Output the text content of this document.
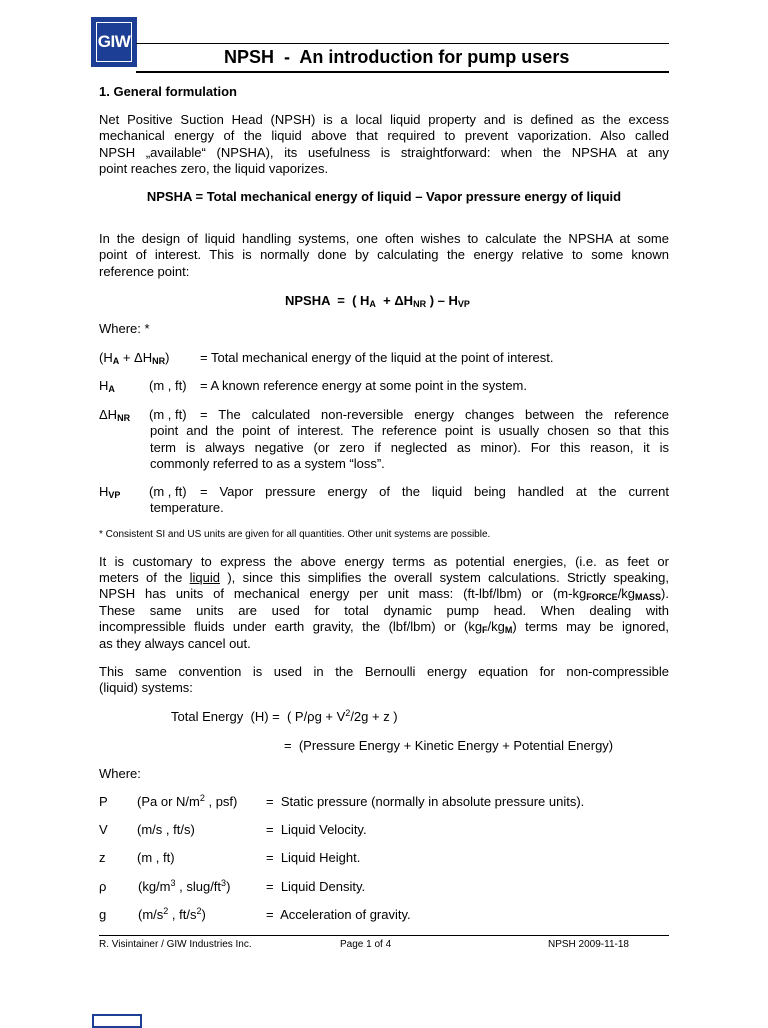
GIW
NPSH  -  An introduction for pump users
1. General formulation
Net Positive Suction Head (NPSH) is a local liquid property and is defined as the excess
mechanical energy of the liquid above that required to prevent vaporization. Also called
NPSH „available“ (NPSHA), its usefulness is straightforward: when the NPSHA at any
point reaches zero, the liquid vaporizes.
NPSHA = Total mechanical energy of liquid – Vapor pressure energy of liquid
In the design of liquid handling systems, one often wishes to calculate the NPSHA at some
point of interest. This is normally done by calculating the energy relative to some known
reference point:
NPSHA  =  ( $H_A + \Delta H_{NR}$ ) – $H_{VP}$
Where: *
$(H_A + \Delta H_{NR})$ = Total mechanical energy of the liquid at the point of interest.
$H_A$	(m , ft) = A known reference energy at some point in the system.
$\Delta H_{NR}$ (m , ft) = The calculated non-reversible energy changes between the reference
point and the point of interest. The reference point is usually chosen so that this
term is always negative (or zero if neglected as minor). For this reason, it is
commonly referred to as a system “loss”.
$H_{VP}$ (m , ft) = Vapor pressure energy of the liquid being handled at the current
temperature.
* Consistent SI and US units are given for all quantities. Other unit systems are possible.
It is customary to express the above energy terms as potential energies, (i.e. as feet or
meters of the liquid ), since this simplifies the overall system calculations. Strictly speaking,
NPSH has units of mechanical energy per unit mass: (ft-lbf/lbm) or $(m-kg_{FORCE}/kg_{MASS})$.
These same units are used for total dynamic pump head. When dealing with
incompressible fluids under earth gravity, the (lbf/lbm) or $(kg_F/kg_M)$ terms may be ignored,
as they always cancel out.
This same convention is used in the Bernoulli energy equation for non-compressible
(liquid) systems:
Total Energy  (H) =  ( $P/\rho g + V^2/2g + z$ )
=  (Pressure Energy + Kinetic Energy + Potential Energy)
Where:
P (Pa or $N/m^2$ , psf) =  Static pressure (normally in absolute pressure units).
V (m/s , ft/s)	=  Liquid Velocity.
z (m , ft)	=  Liquid Height.
ρ ($kg/m^3$ , slug/$ft^3$)	=  Liquid Density.
g ($m/s^2$ , $ft/s^2$)	=  Acceleration of gravity.
R. Visintainer / GIW Industries Inc.	Page 1 of 4	NPSH 2009-11-18
